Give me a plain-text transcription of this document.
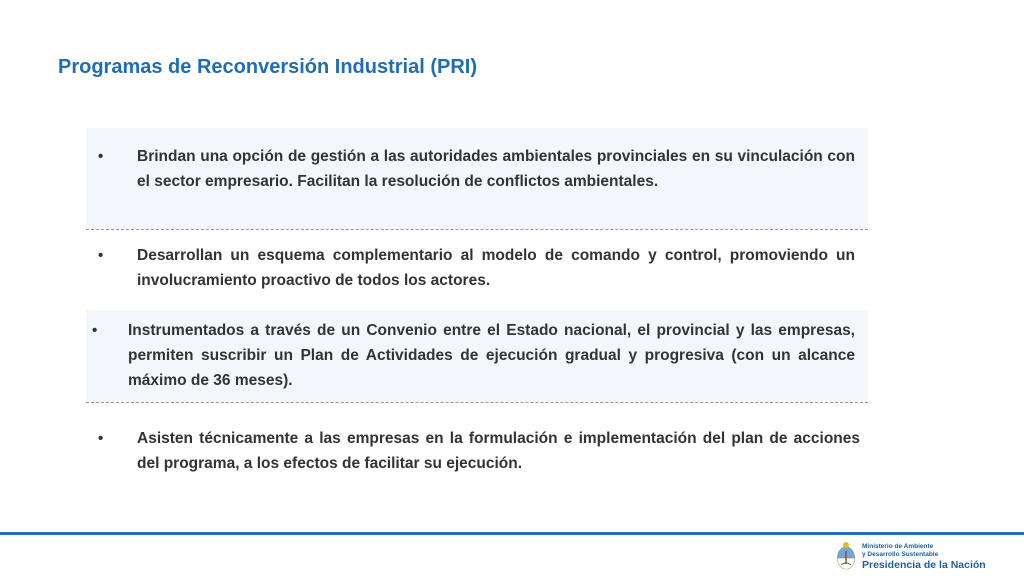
Programas de Reconversión Industrial (PRI)
•	Brindan una opción de gestión a las autoridades ambientales provinciales en su vinculación con el sector empresario. Facilitan la resolución de conflictos ambientales.
•	Desarrollan un esquema complementario al modelo de comando y control, promoviendo un involucramiento proactivo de todos los actores.
•	Instrumentados a través de un Convenio entre el Estado nacional, el provincial y las empresas, permiten suscribir un Plan de Actividades de ejecución gradual y progresiva (con un alcance máximo de 36 meses).
•	Asisten técnicamente a las empresas en la formulación e implementación del plan de acciones del programa, a los efectos de facilitar su ejecución.
Ministerio de Ambiente
y Desarrollo Sustentable
Presidencia de la Nación
